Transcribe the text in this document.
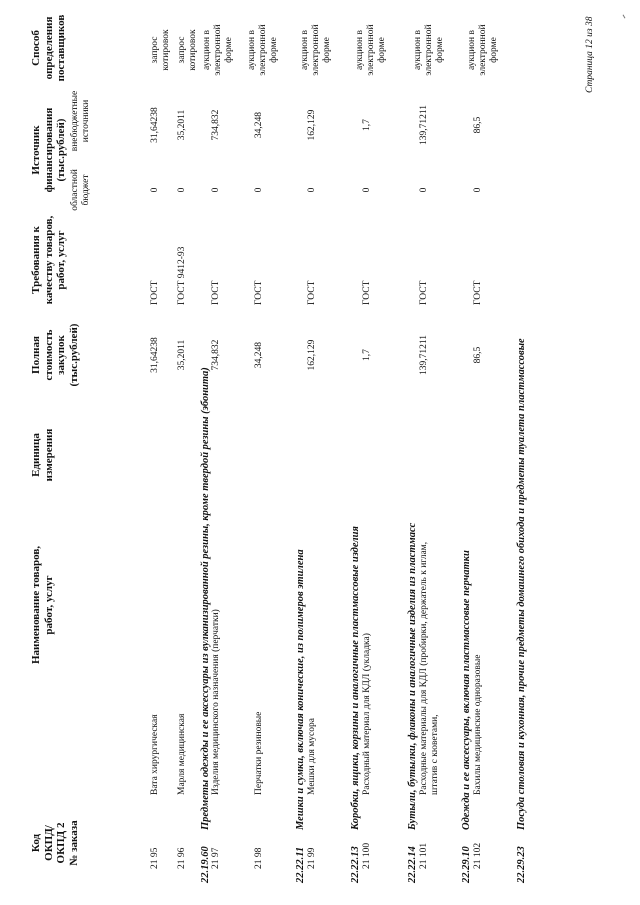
Код ОКПД/ ОКПД 2 № заказа
Наименование товаров, работ, услуг
Единица измерения
Полная стоимость закупок (тыс.рублей)
Требования к качеству товаров, работ, услуг
Источник финансирования (тыс.рублей)
областной бюджет
внебюджетные источники
Способ определения поставщиков
21 95
Вата хирургическая
31,64238
ГОСТ
0
31,64238
запрос котировок
21 96
Марля медицинская
35,2011
ГОСТ 9412-93
0
35,2011
запрос котировок
22.19.60
Предметы одежды и ее аксессуары из вулканизированной резины, кроме твердой резины (эбонита)
21 97
Изделия медицинского назначения (перчатки)
734,832
ГОСТ
0
734,832
аукцион в электронной форме
21 98
Перчатки резиновые
34,248
ГОСТ
0
34,248
аукцион в электронной форме
22.22.11
Мешки и сумки, включая конические, из полимеров этилена
21 99
Мешки для мусора
162,129
ГОСТ
0
162,129
аукцион в электронной форме
22.22.13
Коробки, ящики, корзины и аналогичные пластмассовые изделия
21 100
Расходный материал для КДЛ (укладка)
1,7
ГОСТ
0
1,7
аукцион в электронной форме
22.22.14
Бутыли, бутылки, флаконы и аналогичные изделия из пластмасс
21 101
Расходные материалы для КДЛ (пробирки, держатель к иглам, штатив с кюветами,
139,71211
ГОСТ
0
139,71211
аукцион в электронной форме
22.29.10
Одежда и ее аксессуары, включая пластмассовые перчатки
21 102
Бахилы медицинские одноразовые
86,5
ГОСТ
0
86,5
аукцион в электронной форме
22.29.23
Посуда столовая и кухонная, прочие предметы домашнего обихода и предметы туалета пластмассовые
Страница 12 из 38
